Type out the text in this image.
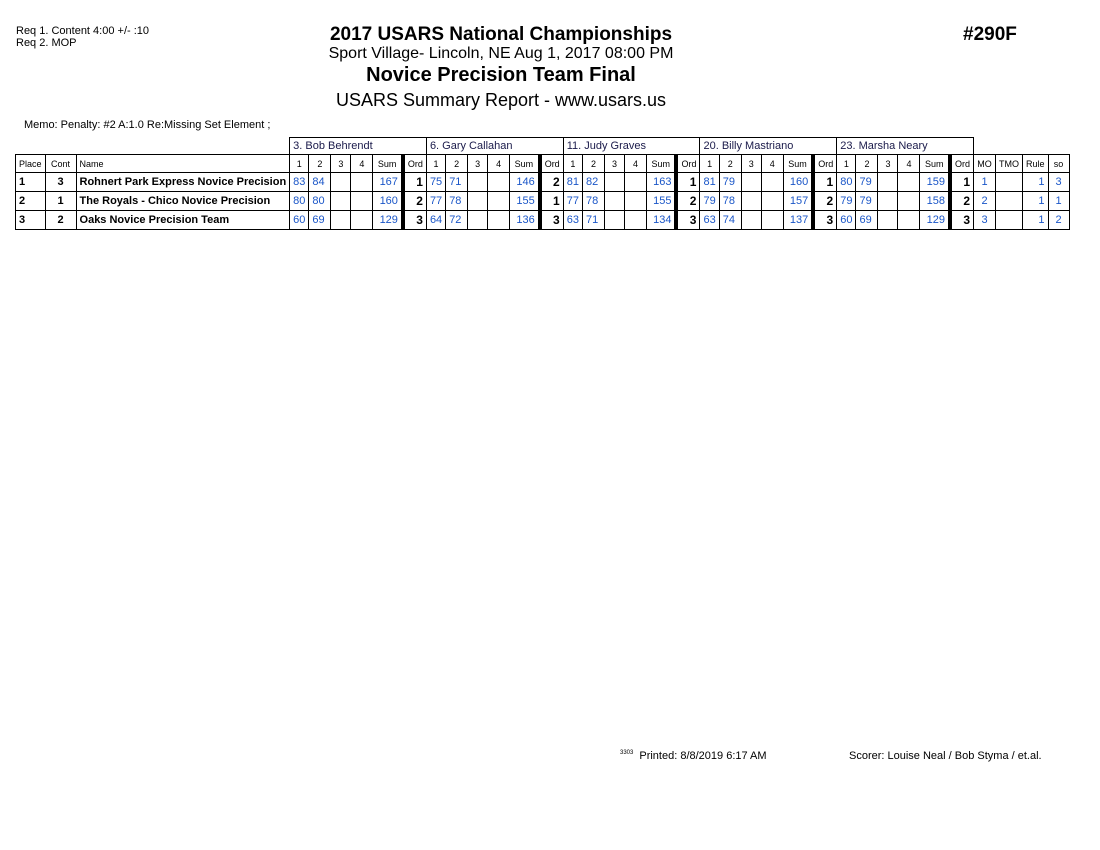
Req 1. Content 4:00 +/- :10
Req 2. MOP	2017 USARS National Championships
Sport Village- Lincoln, NE Aug 1, 2017 08:00 PM
Novice Precision Team Final
USARS Summary Report - www.usars.us
#290F
Memo: Penalty: #2 A:1.0 Re:Missing Set Element ;
			3. Bob Behrendt						6. Gary Callahan						11. Judy Graves						20. Billy Mastriano						23. Marsha Neary									
Place	Cont	Name	1	2	3	4	Sum	Ord	1	2	3	4	Sum	Ord	1	2	3	4	Sum	Ord	1	2	3	4	Sum	Ord	1	2	3	4	Sum	Ord	MO	TMO	Rule	so
1	3	Rohnert Park Express Novice Precision	83	84			167	1	75	71			146	2	81	82			163	1	81	79			160	1	80	79			159	1	1		1	3
2	1	The Royals - Chico Novice Precision	80	80			160	2	77	78			155	1	77	78			155	2	79	78			157	2	79	79			158	2	2		1	1
3	2	Oaks Novice Precision Team	60	69			129	3	64	72			136	3	63	71			134	3	63	74			137	3	60	69			129	3	3		1	2
$^{3303}$ Printed: 8/8/2019 6:17 AM	Scorer: Louise Neal / Bob Styma / et.al.
